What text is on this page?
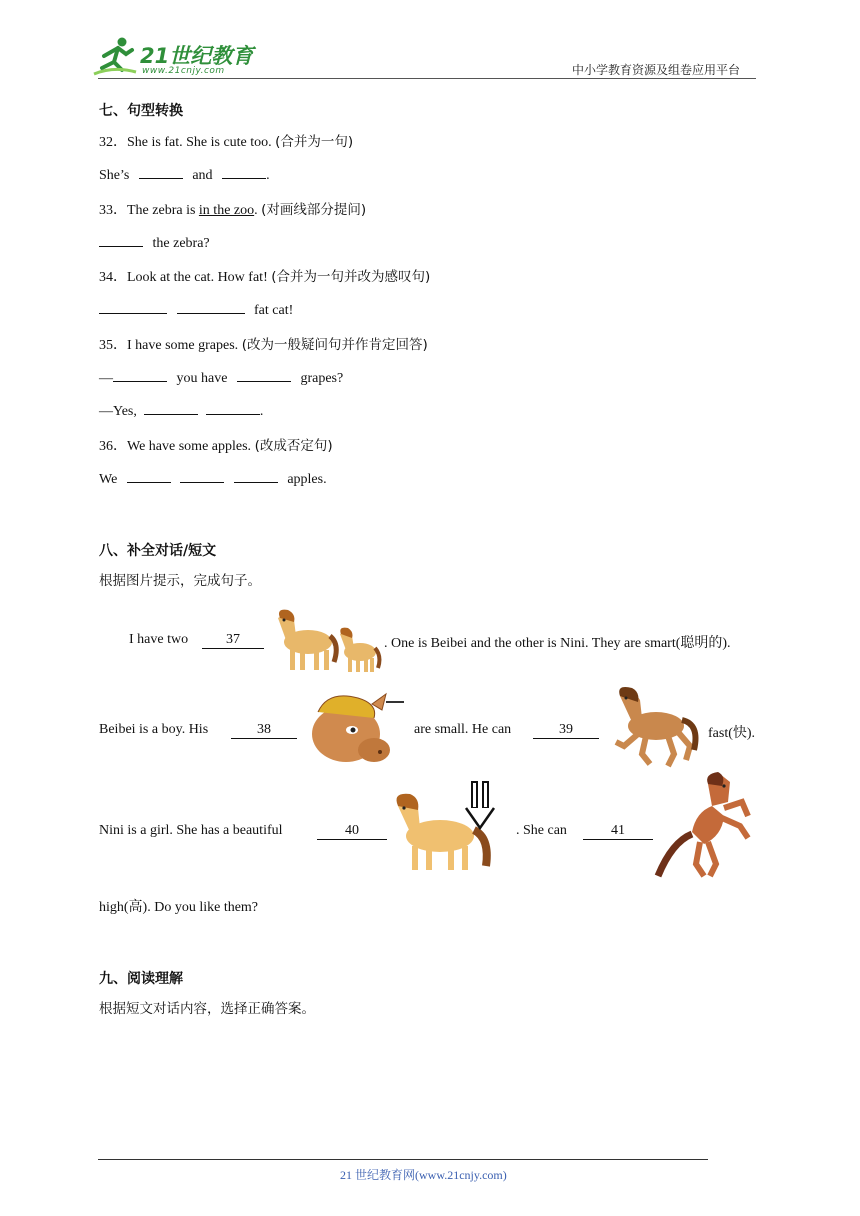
21世纪教育
www.21cnjy.com	中小学教育资源及组卷应用平台
七、句型转换
32．She is fat. She is cute too. (合并为一句)
She’s	and	.
33．The zebra is in the zoo. (对画线部分提问)
the zebra?
34．Look at the cat. How fat! (合并为一句并改为感叹句)
fat cat!
35．I have some grapes. (改为一般疑问句并作肯定回答)
—	you have	grapes?
—Yes,	.
36．We have some apples. (改成否定句)
We	apples.
八、补全对话/短文
根据图片提示，完成句子。
I have two	37	. One is Beibei and the other is Nini. They are smart(聪明的).
Beibei is a boy. His	38	are small. He can	39	fast(快).
Nini is a girl. She has a beautiful	40	. She can	41
high(高). Do you like them?
九、阅读理解
根据短文对话内容，选择正确答案。
21 世纪教育网(www.21cnjy.com)
